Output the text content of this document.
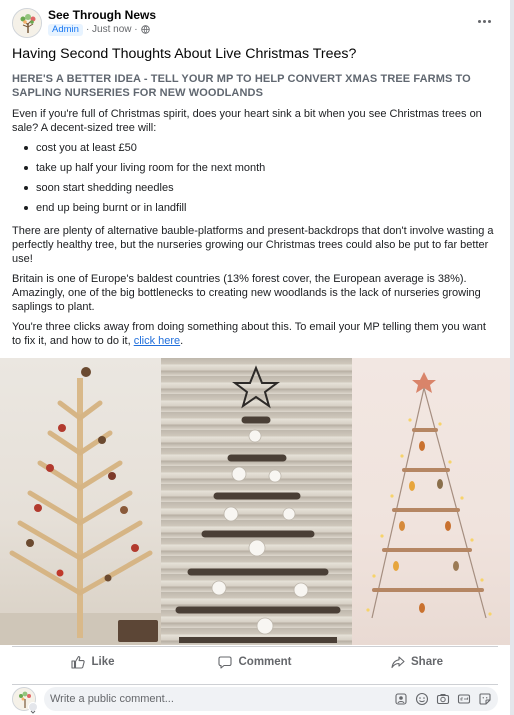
See Through News
Admin · Just now ·
Having Second Thoughts About Live Christmas Trees?
HERE'S A BETTER IDEA - TELL YOUR MP TO HELP CONVERT XMAS TREE FARMS TO SAPLING NURSERIES FOR NEW WOODLANDS
Even if you're full of Christmas spirit, does your heart sink a bit when you see Christmas trees on sale? A decent-sized tree will:
cost you at least £50
take up half your living room for the next month
soon start shedding needles
end up being burnt or in landfill
There are plenty of alternative bauble-platforms and present-backdrops that don't involve wasting a perfectly healthy tree, but the nurseries growing our Christmas trees could also be put to far better use!
Britain is one of Europe's baldest countries (13% forest cover, the European average is 38%). Amazingly, one of the big bottlenecks to creating new woodlands is the lack of nurseries growing saplings to plant.
You're three clicks away from doing something about this. To email your MP telling them you want to fix it, and how to do it, click here.
Like	Comment	Share
Write a public comment...
